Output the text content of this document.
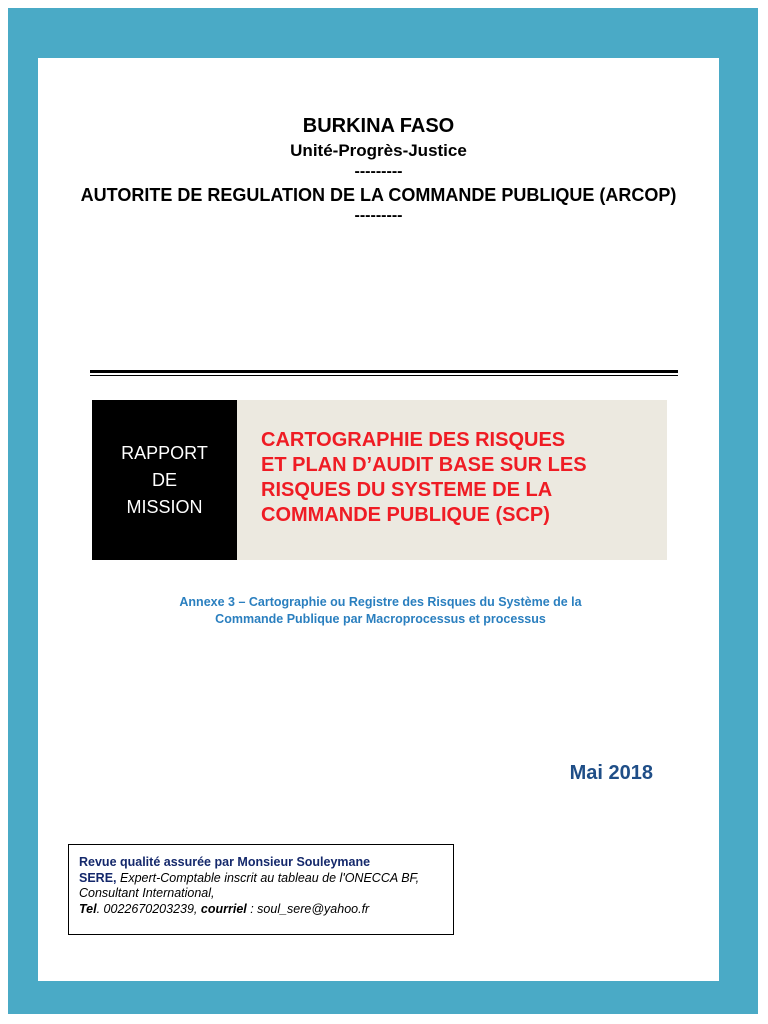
BURKINA FASO
Unité-Progrès-Justice
---------
AUTORITE DE REGULATION DE LA COMMANDE PUBLIQUE (ARCOP)
---------
RAPPORT
DE
MISSION
CARTOGRAPHIE DES RISQUES
ET PLAN D’AUDIT BASE SUR LES
RISQUES DU SYSTEME DE LA
COMMANDE PUBLIQUE (SCP)
Annexe 3 – Cartographie ou Registre des Risques du Système de la
Commande Publique par Macroprocessus et processus
Mai 2018
Revue qualité assurée par Monsieur Souleymane
SERE, Expert-Comptable inscrit au tableau de l'ONECCA BF, Consultant International,
Tel. 0022670203239, courriel : soul_sere@yahoo.fr
